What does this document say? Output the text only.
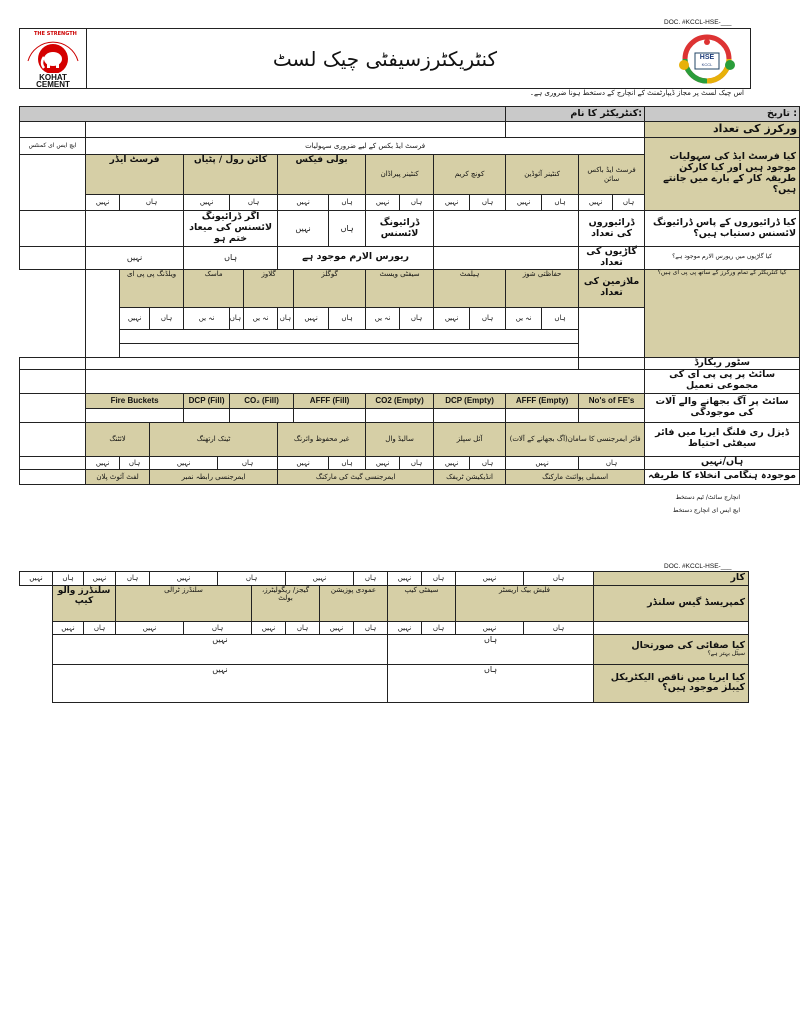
DOC. #KCCL-HSE-___
THE STRENGTH
KOHAT
CEMENT
کنٹریکٹرزسیفٹی چیک لسٹ	HSE
KCCL
اس چیک لسٹ پر مجاز ڈیپارٹمنٹ کے انچارج کے دستخط ہونا ضروری ہے۔
: تاریخ	:کنٹریکٹر کا نام																		
ورکرز کی تعداد																			
کیا فرسٹ ایڈ کی سہولیات موجود ہیں اور کیا کارکن طریقہ کار کے بارے میں جانتے ہیں؟	فرسٹ ایڈ بکس کے لیے ضروری سہولیات																		ایچ ایس ای کمنٹس
	فرسٹ ایڈ باکس سائن		کنٹینر آئوڈین		کونچ کریم		کنٹینر پیراڈان		بولی فیکس			کاٹن رول / پٹیاں				فرسٹ ایڈر			
	ہاں	نہیں	ہاں	نہیں	ہاں	نہیں	ہاں	نہیں	ہاں	نہیں		ہاں		نہیں		ہاں		نہیں	
کیا ڈرائیوروں کے پاس ڈرائیونگ لائسنس دستیاب ہیں؟	ڈرائیوروں کی تعداد						ڈرائیونگ لائسنس		ہاں	نہیں		اگر ڈرائیونگ لائسنس کی میعاد ختم ہو							
کیا گاڑیوں میں ریورس الارم موجود ہے؟	گاڑیوں کی تعداد						ریورس الارم موجود ہے					ہاں				نہیں			
کیا کنٹریکٹر کے تمام ورکرز کے ساتھ پی پی ای ہیں؟	ملازمین کی تعداد		حفاظتی شوز		ہیلمٹ		سیفٹی ویسٹ		گوگلز		گلاوز		ماسک			ویلڈنگ پی پی ای			
			ہاں	نہ یں	ہاں	نہیں	ہاں	نہ یں	ہاں	نہیں	ہاں	نہ یں	ہاں	نہ یں		ہاں	نہیں		

سٹور ریکارڈ																			
سائٹ پر پی پی ای کی مجموعی تعمیل																			
سائٹ پر آگ بجھانے والے آلات کی موجودگی	No's of FE's		AFFF (Empty)		DCP (Empty)		CO2 (Empty)		AFFF (Fill)		CO₂ (Fill)			DCP (Fill)		Fire Buckets			

ڈیزل ری فلنگ ایریا میں فائر سیفٹی احتیاط	فائر ایمرجنسی کا سامان(آگ بجھانے کے آلات)				آئل سپلز		سالیڈ وال		غیر محفوظ وائرنگ			ٹینک ارتھنگ					لائٹنگ		
ہاں/نہیں	ہاں		نہیں		ہاں	نہیں	ہاں	نہیں	ہاں	نہیں		ہاں			نہیں		ہاں	نہیں	
موجودہ ہنگامی انخلاء کا طریقہ	اسمبلی پوائنٹ مارکنگ				انڈیکیشن ٹریفک		ایمرجنسی گیٹ کی مارکنگ					ایمرجنسی رابطہ نمبر					لفٹ آئوٹ پلان		
انچارج سائٹ/ ٹیم دستخط
ایچ ایس ای انچارج دستخط
DOC. #KCCL-HSE-___
کار	ہاں	نہیں	ہاں	نہیں	ہاں	نہیں		ہاں		نہیں		ہاں	نہیں	ہاں	نہیں
کمپریسڈ گیس سلنڈر	فلیش بیک اریسٹر		سیفٹی کیپ		عمودی پوزیشن		گیجز/ ریگولیٹرز، بولٹ		سلنڈرز ٹرالی				سلنڈرز والو کیپ		
	ہاں	نہیں	ہاں	نہیں	ہاں	نہیں	ہاں	نہیں	ہاں		نہیں		ہاں	نہیں	

کیا صفائی کی صورتحال
سیٹل بہتر ہے؟	ہاں				نہیں										
کیا ایریا میں ناقص الیکٹریکل کیبلز موجود ہیں؟	ہاں				نہیں										
